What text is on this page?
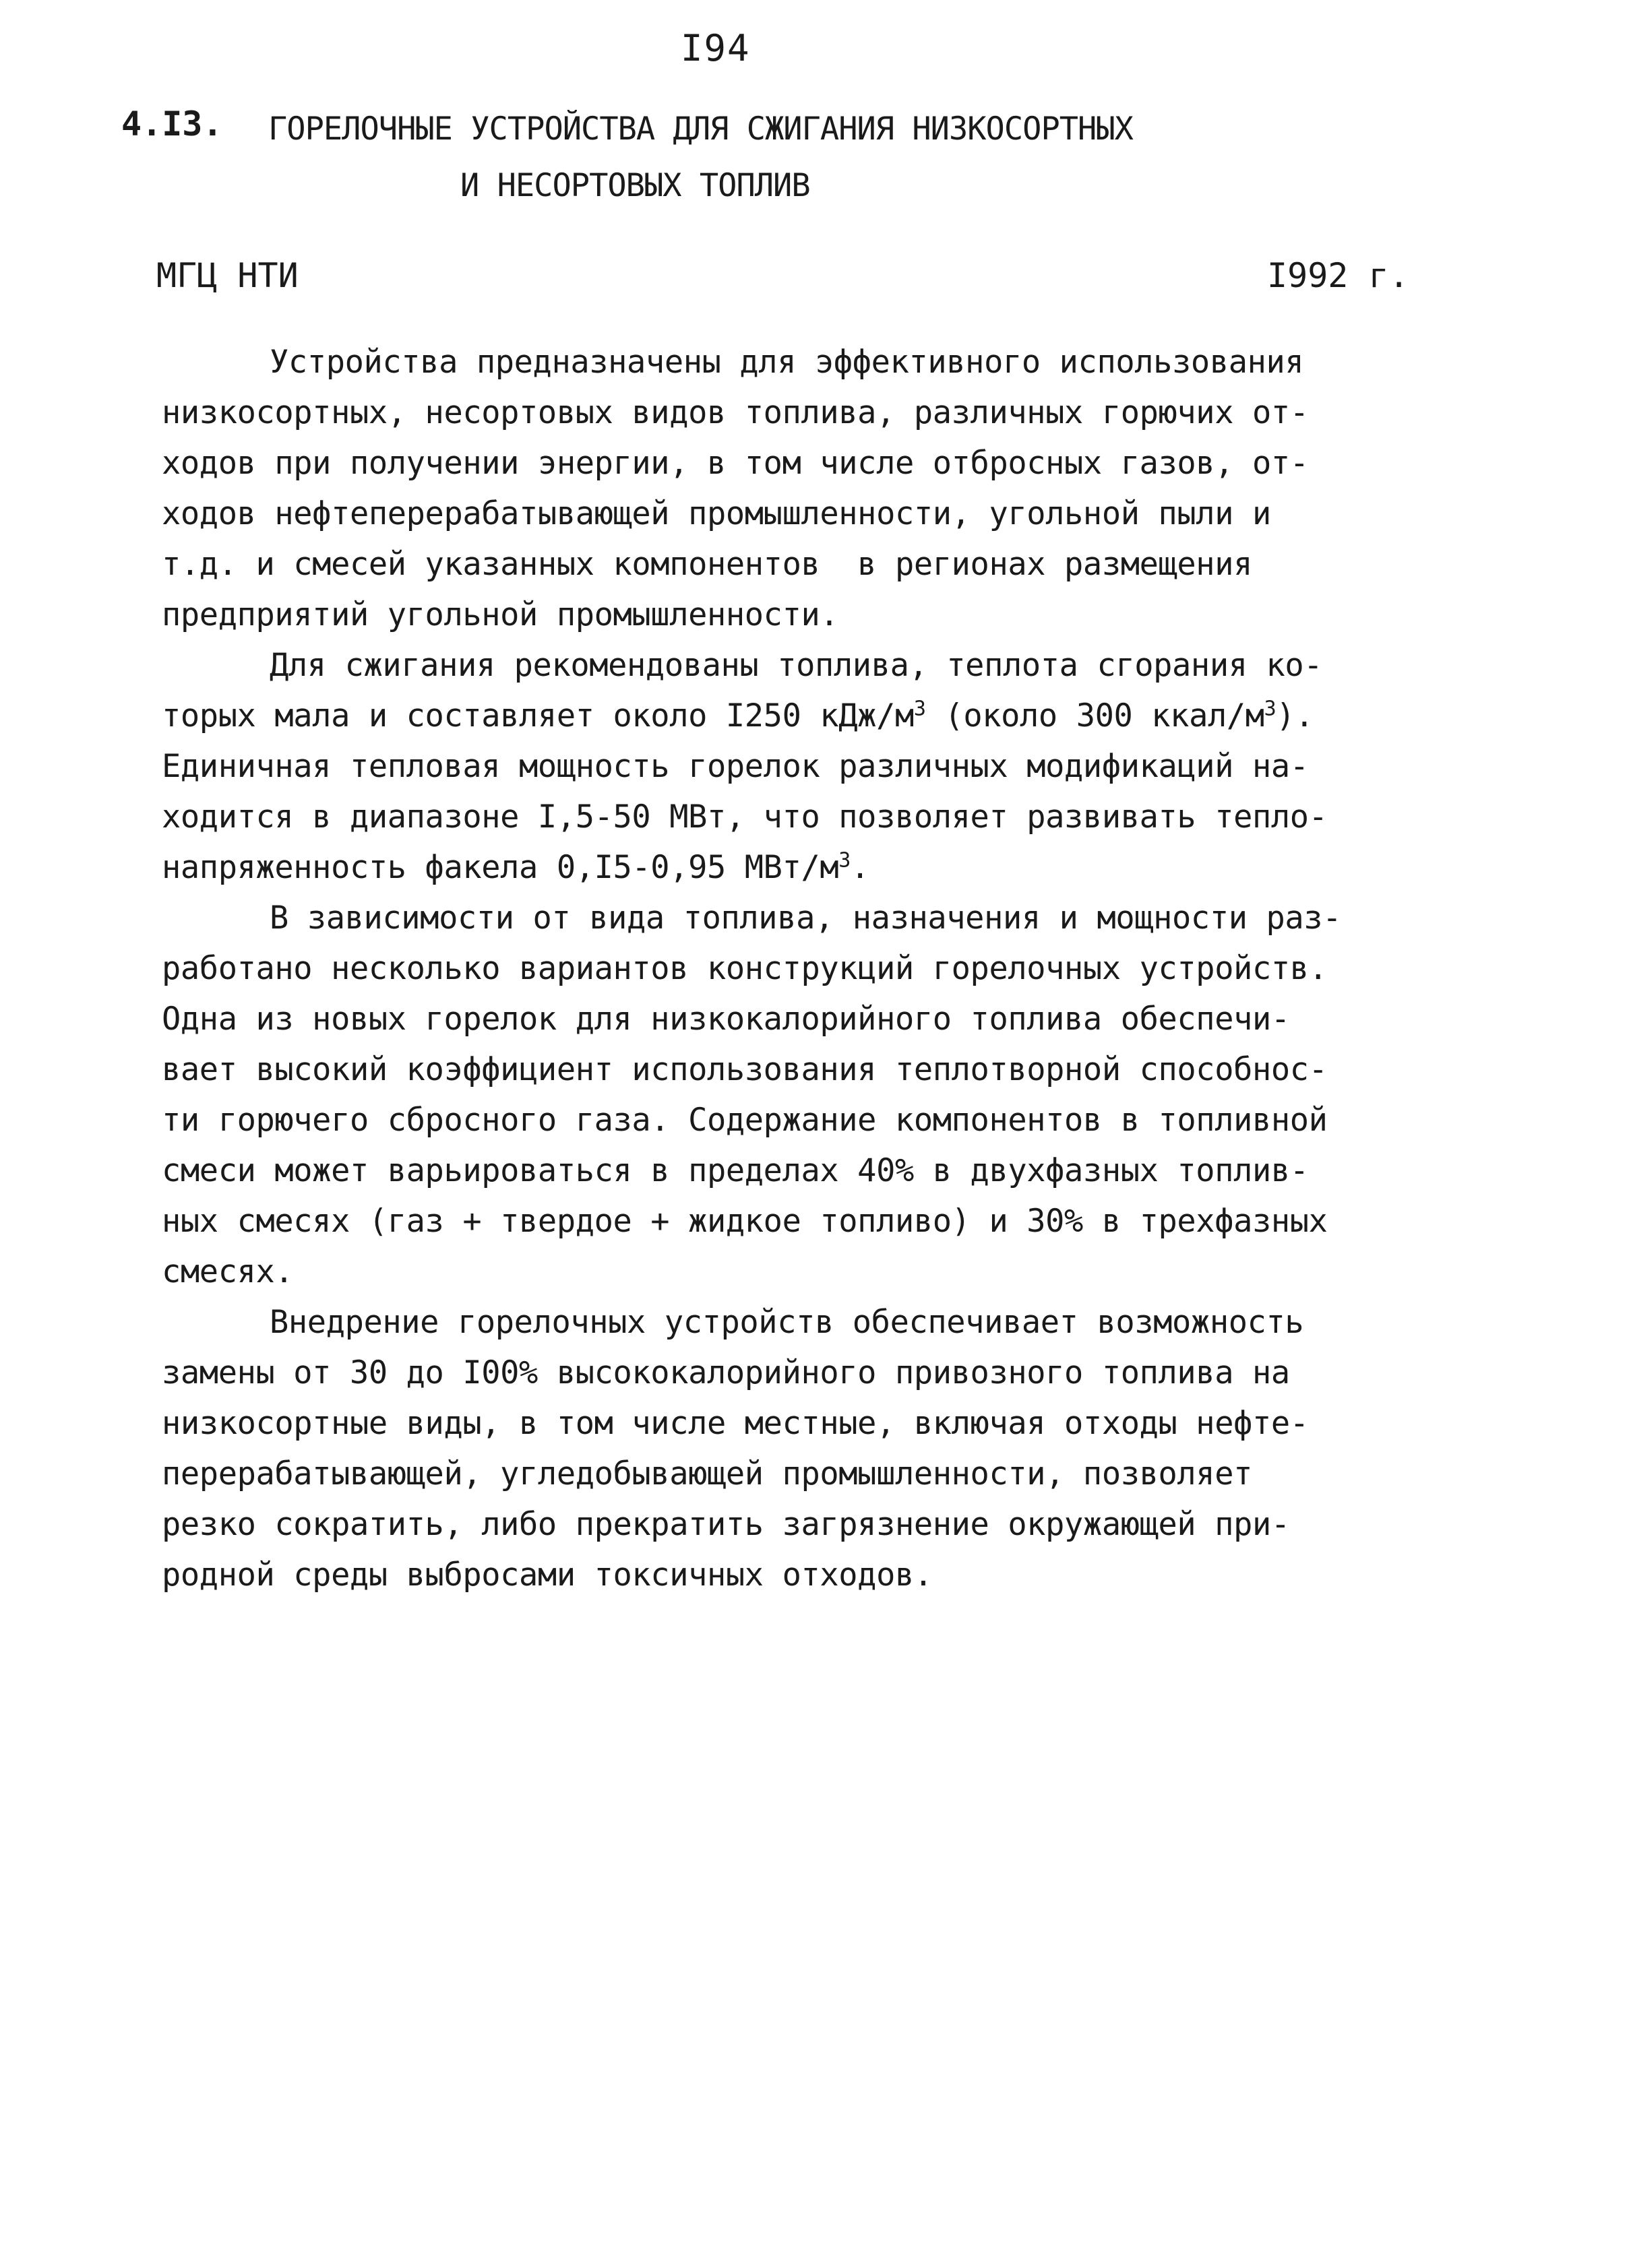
I94
4.I3. ГОРЕЛОЧНЫЕ УСТРОЙСТВА ДЛЯ СЖИГАНИЯ НИЗКОСОРТНЫХ
И НЕСОРТОВЫХ ТОПЛИВ
МГЦ НТИ	I992 г.

Устройства предназначены для эффективного использования
низкосортных, несортовых видов топлива, различных горючих от-
ходов при получении энергии, в том числе отбросных газов, от-
ходов нефтеперерабатывающей промышленности, угольной пыли и
т.д. и смесей указанных компонентов  в регионах размещения
предприятий угольной промышленности.

Для сжигания рекомендованы топлива, теплота сгорания ко-
торых мала и составляет около I250 кДж/$м^3$ (около 300 ккал/$м^3$).
Единичная тепловая мощность горелок различных модификаций на-
ходится в диапазоне I,5-50 МВт, что позволяет развивать тепло-
напряженность факела 0,I5-0,95 МВт/$м^3$.

В зависимости от вида топлива, назначения и мощности раз-
работано несколько вариантов конструкций горелочных устройств.
Одна из новых горелок для низкокалорийного топлива обеспечи-
вает высокий коэффициент использования теплотворной способнос-
ти горючего сбросного газа. Содержание компонентов в топливной
смеси может варьироваться в пределах 40% в двухфазных топлив-
ных смесях (газ + твердое + жидкое топливо) и 30% в трехфазных
смесях.

Внедрение горелочных устройств обеспечивает возможность
замены от 30 до I00% высококалорийного привозного топлива на
низкосортные виды, в том числе местные, включая отходы нефте-
перерабатывающей, угледобывающей промышленности, позволяет
резко сократить, либо прекратить загрязнение окружающей при-
родной среды выбросами токсичных отходов.
